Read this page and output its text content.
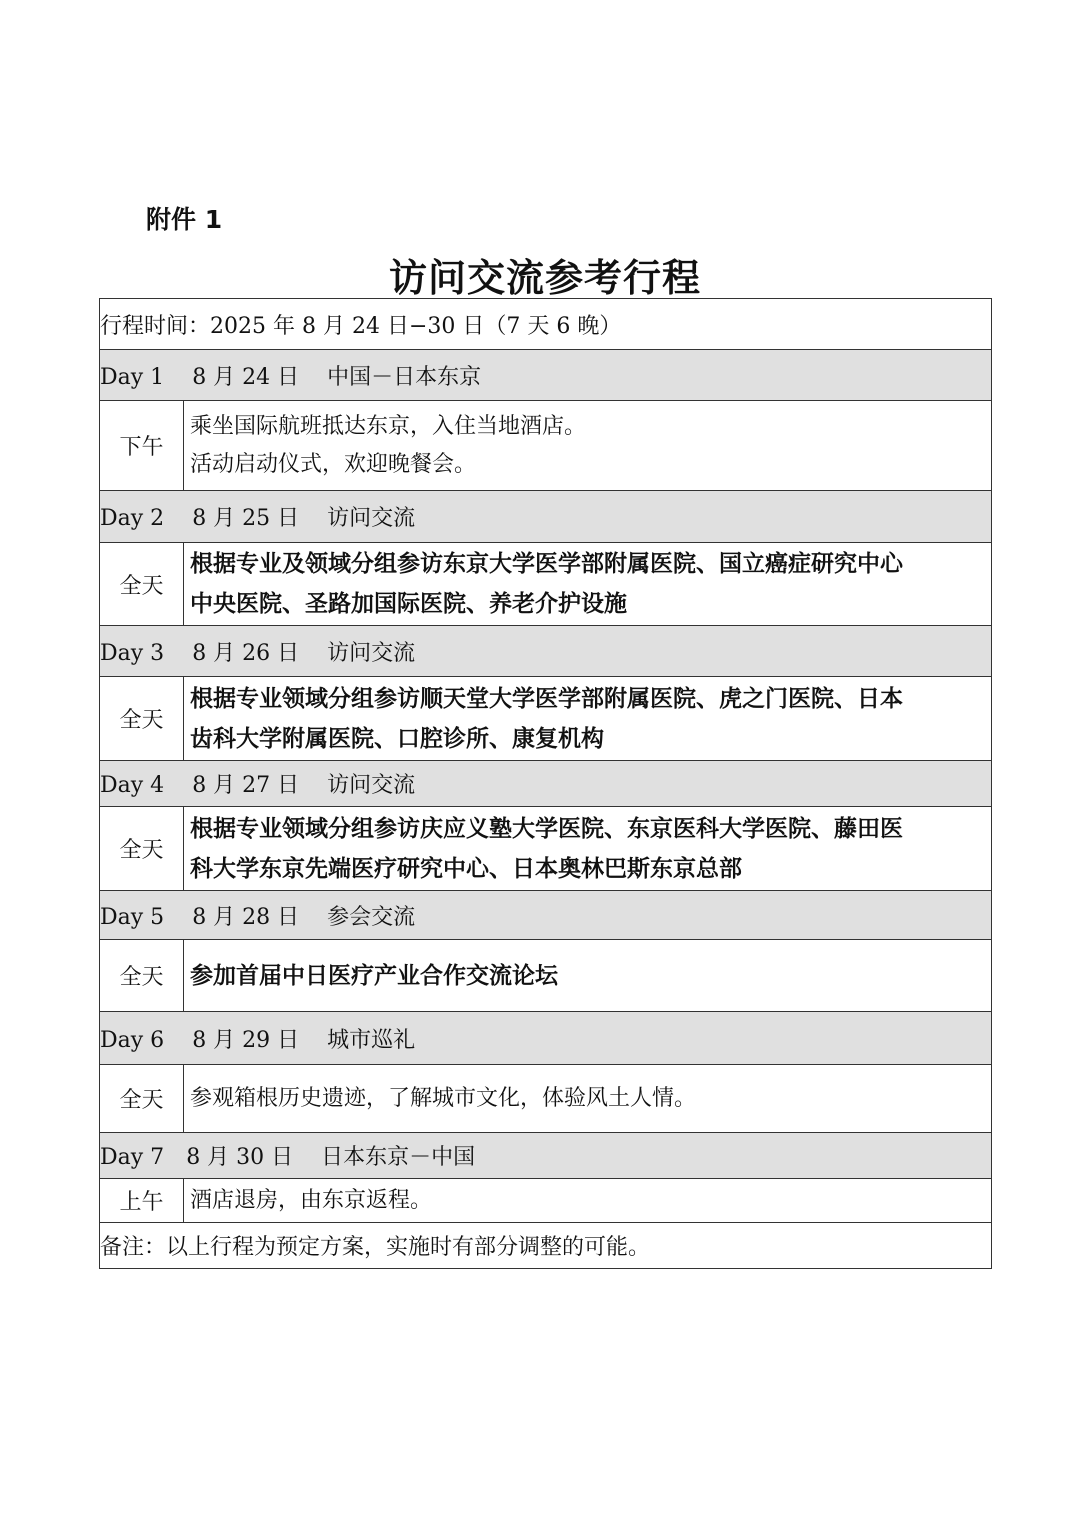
附件 1
访问交流参考行程
行程时间：2025 年 8 月 24 日−30 日（7 天 6 晚）	
Day 1 8 月 24 日 中国－日本东京	
下午	乘坐国际航班抵达东京，入住当地酒店。
活动启动仪式，欢迎晚餐会。

Day 2 8 月 25 日 访问交流	
全天	根据专业及领域分组参访东京大学医学部附属医院、国立癌症研究中心
中央医院、圣路加国际医院、养老介护设施

Day 3 8 月 26 日 访问交流	
全天	根据专业领域分组参访顺天堂大学医学部附属医院、虎之门医院、日本
齿科大学附属医院、口腔诊所、康复机构

Day 4 8 月 27 日 访问交流	
全天	根据专业领域分组参访庆应义塾大学医院、东京医科大学医院、藤田医
科大学东京先端医疗研究中心、日本奥林巴斯东京总部

Day 5 8 月 28 日 参会交流	
全天	参加首届中日医疗产业合作交流论坛

Day 6 8 月 29 日 城市巡礼	
全天	参观箱根历史遗迹，了解城市文化，体验风土人情。

Day 7 8 月 30 日 日本东京－中国	
上午	酒店退房，由东京返程。

备注：以上行程为预定方案，实施时有部分调整的可能。	
